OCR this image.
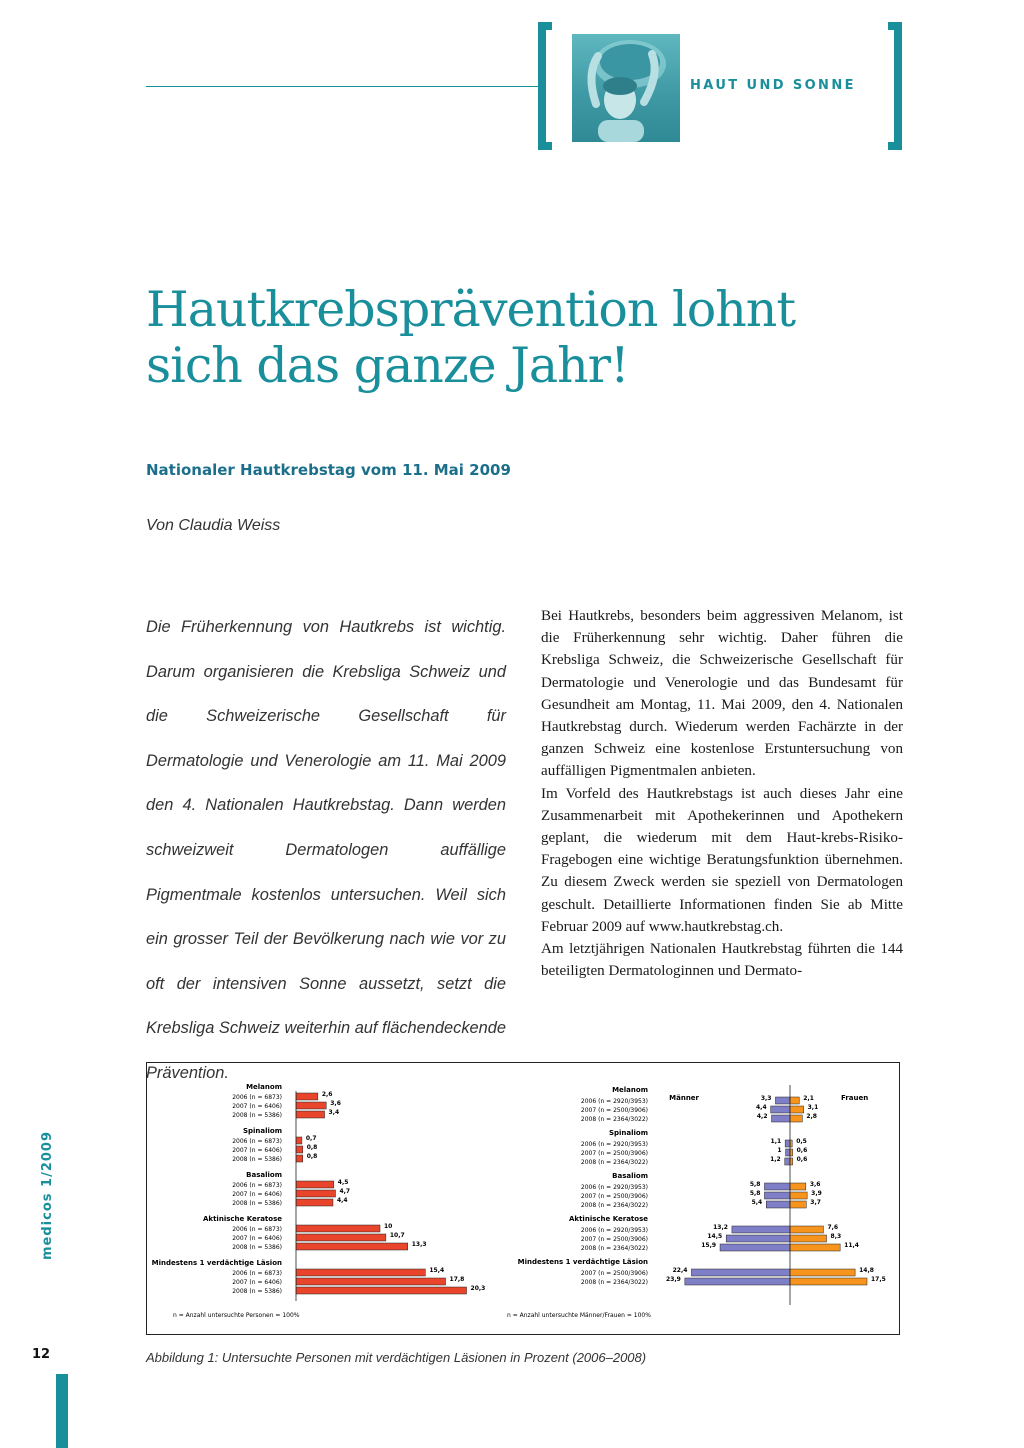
HAUT UND SONNE
Hautkrebsprävention lohnt
sich das ganze Jahr!
Nationaler Hautkrebstag vom 11. Mai 2009
Von Claudia Weiss
Die Früherkennung von Hautkrebs ist wichtig. Darum organisieren die Krebsliga Schweiz und die Schweizerische Gesellschaft für Dermatologie und Venerologie am 11. Mai 2009 den 4. Nationalen Hautkrebstag. Dann werden schweizweit Dermatologen auffällige Pigmentmale kostenlos untersuchen. Weil sich ein grosser Teil der Bevölkerung nach wie vor zu oft der intensiven Sonne aussetzt, setzt die Krebsliga Schweiz weiterhin auf flächendeckende Prävention.

Bei Hautkrebs, besonders beim aggressiven Melanom, ist die Früherkennung sehr wichtig. Daher führen die Krebsliga Schweiz, die Schweizerische Gesellschaft für Dermatologie und Venerologie und das Bundesamt für Gesundheit am Montag, 11. Mai 2009, den 4. Nationalen Hautkrebstag durch. Wiederum werden Fachärzte in der ganzen Schweiz eine kostenlose Erstuntersuchung von auffälligen Pigmentmalen anbieten.

Im Vorfeld des Hautkrebstags ist auch dieses Jahr eine Zusammenarbeit mit Apothekerinnen und Apothekern geplant, die wiederum mit dem Haut-krebs-Risiko-Fragebogen eine wichtige Beratungsfunktion übernehmen. Zu diesem Zweck werden sie speziell von Dermatologen geschult. Detaillierte Informationen finden Sie ab Mitte Februar 2009 auf www.hautkrebstag.ch.

Am letztjährigen Nationalen Hautkrebstag führten die 144 beteiligten Dermatologinnen und Dermato-

Melanom
2006 (n = 6873)	2,6
2007 (n = 6406)	3,6
2008 (n = 5386)	3,4
Spinaliom
2006 (n = 6873)	0,7
2007 (n = 6406)	0,8
2008 (n = 5386)	0,8
Basaliom
2006 (n = 6873)	4,5
2007 (n = 6406)	4,7
2008 (n = 5386)	4,4
Aktinische Keratose
2006 (n = 6873)	10
2007 (n = 6406)	10,7
2008 (n = 5386)	13,3
Mindestens 1 verdächtige Läsion
2006 (n = 6873)	15,4
2007 (n = 6406)	17,8
2008 (n = 5386)	20,3
n = Anzahl untersuchte Personen = 100%
Männer	Frauen
Melanom
2006 (n = 2920/3953)	3,3	2,1
2007 (n = 2500/3906)	4,4	3,1
2008 (n = 2364/3022)	4,2	2,8
Spinaliom
2006 (n = 2920/3953)	1,1	0,5
2007 (n = 2500/3906)	1	0,6
2008 (n = 2364/3022)	1,2	0,6
Basaliom
2006 (n = 2920/3953)	5,8	3,6
2007 (n = 2500/3906)	5,8	3,9
2008 (n = 2364/3022)	5,4	3,7
Aktinische Keratose
2006 (n = 2920/3953)	13,2	7,6
2007 (n = 2500/3906)	14,5	8,3
2008 (n = 2364/3022)	15,9	11,4
Mindestens 1 verdächtige Läsion
2007 (n = 2500/3906)	22,4	14,8
2008 (n = 2364/3022)	23,9	17,5
n = Anzahl untersuchte Männer/Frauen = 100%
Abbildung 1: Untersuchte Personen mit verdächtigen Läsionen in Prozent (2006–2008)
medicos 1/2009
12
